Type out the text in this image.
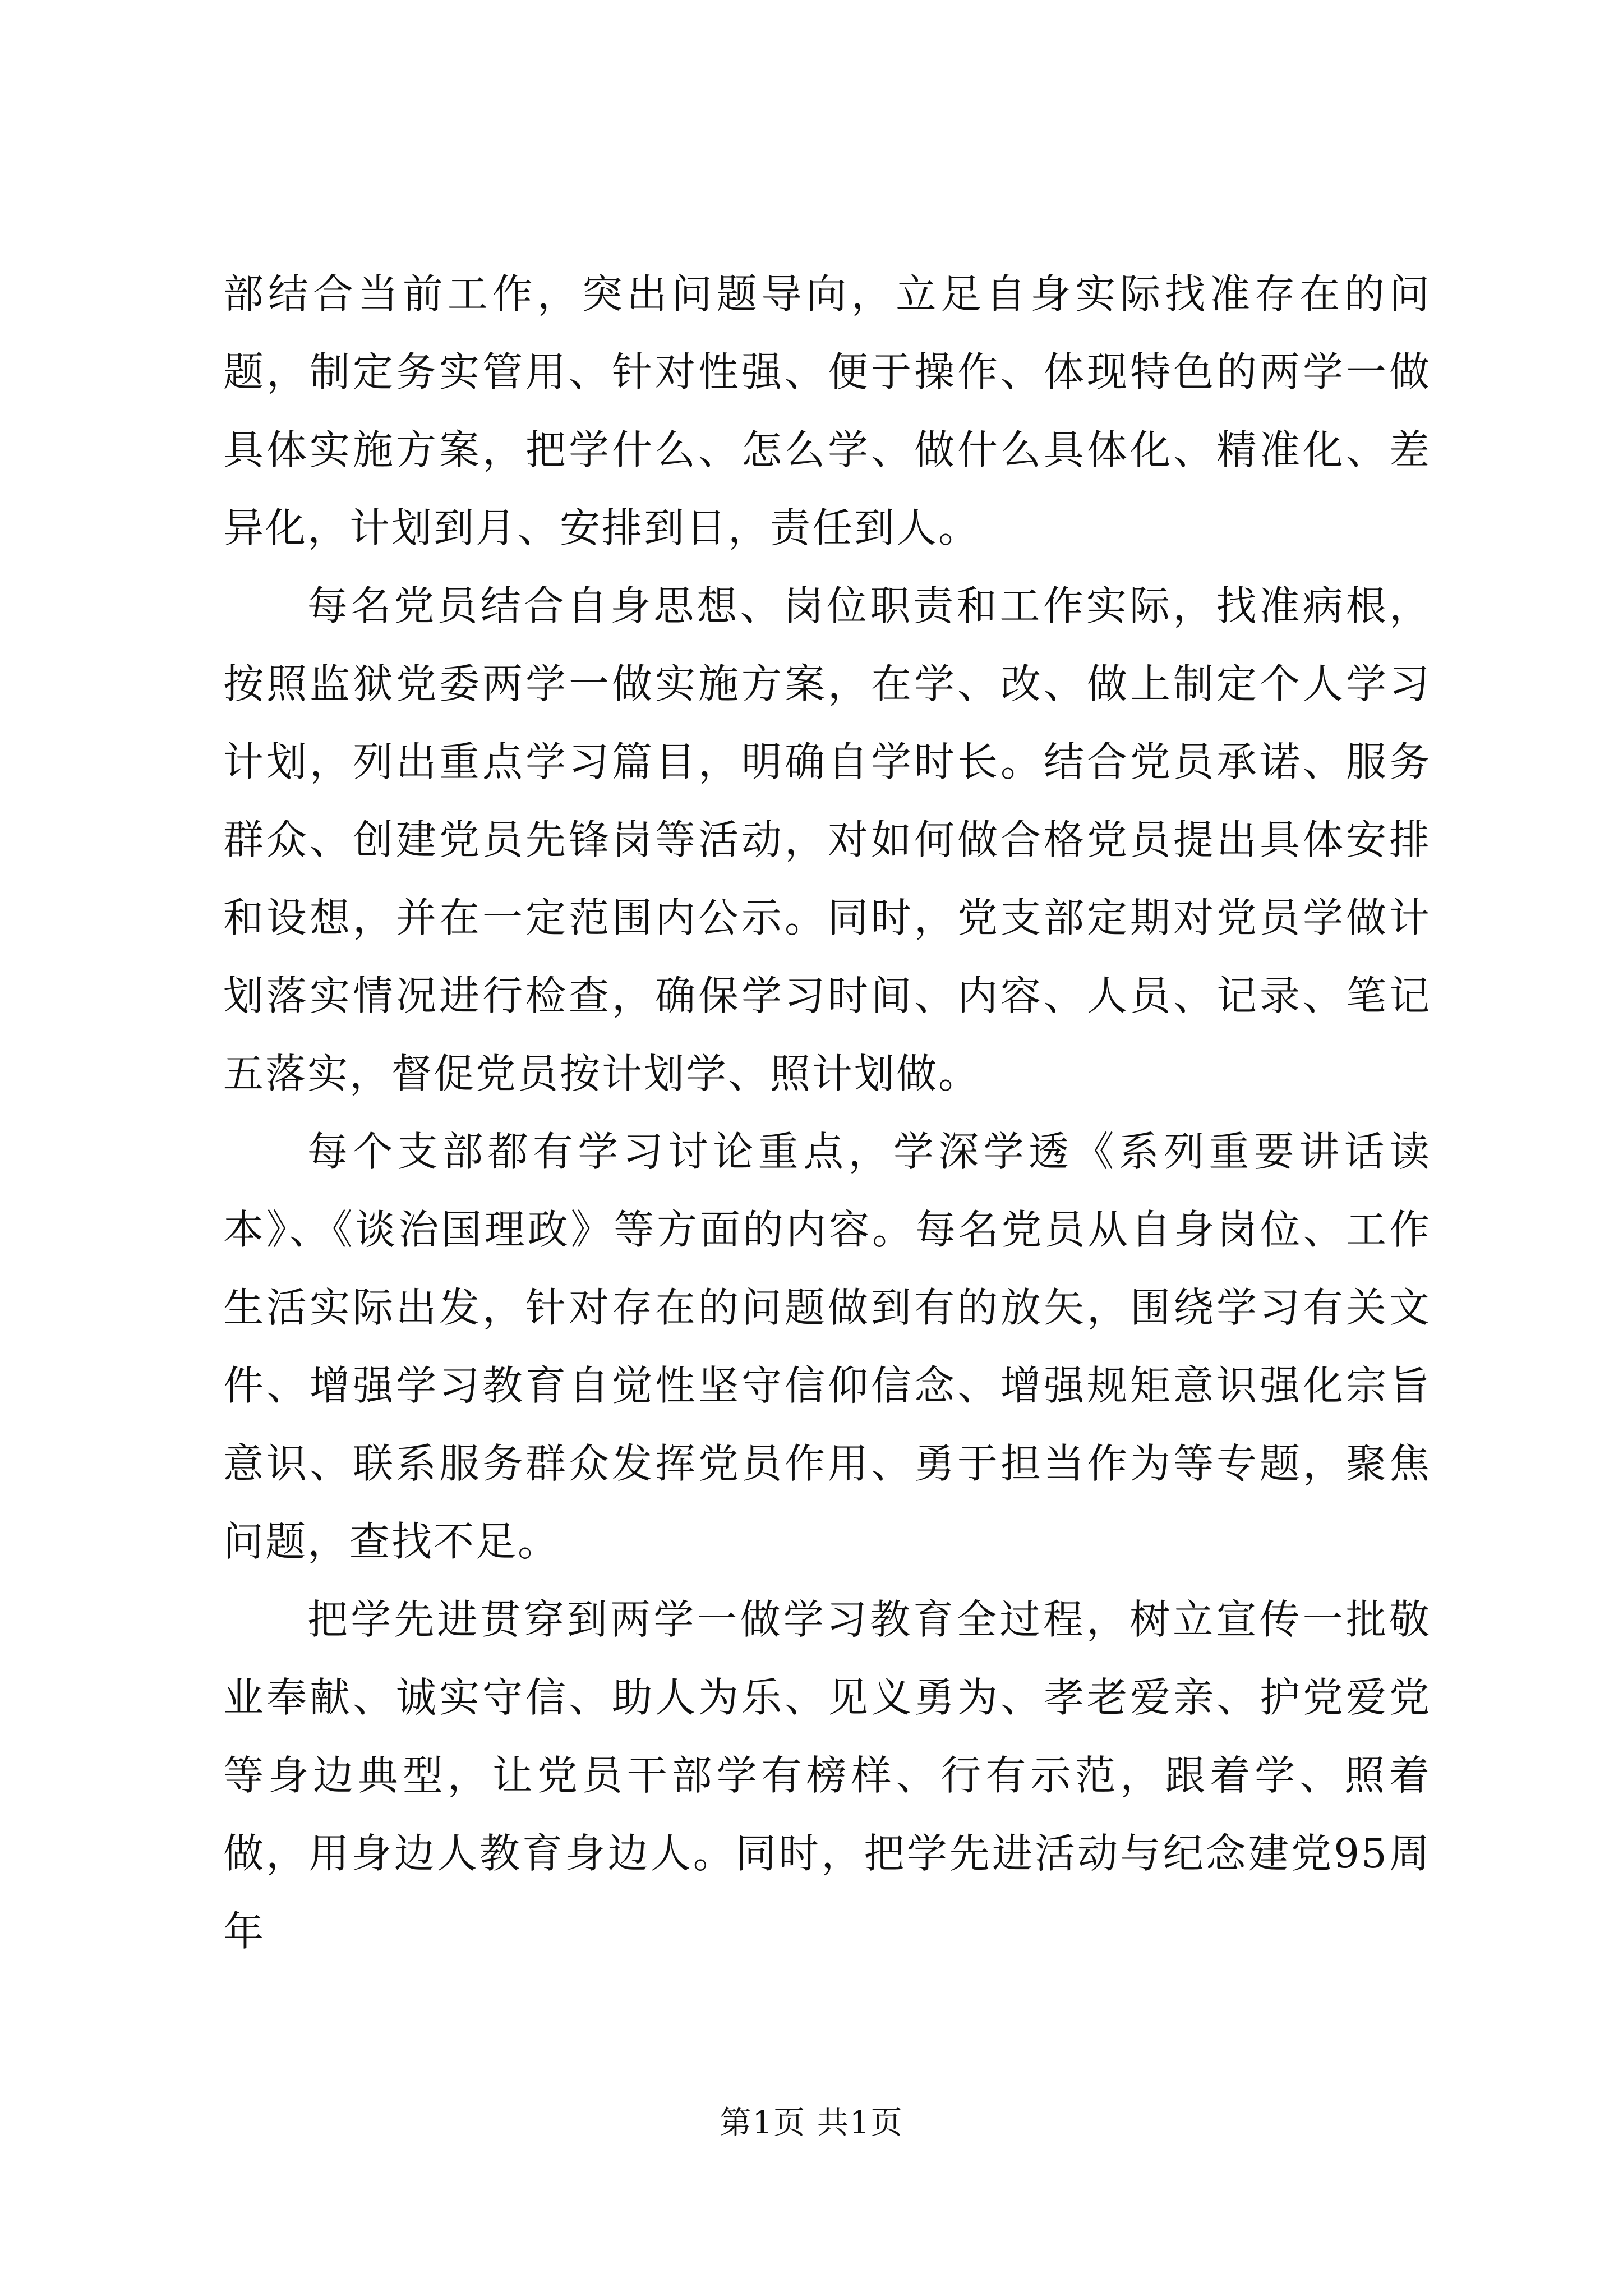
部结合当前工作，突出问题导向，立足自身实际找准存在的问题，制定务实管用、针对性强、便于操作、体现特色的两学一做具体实施方案，把学什么、怎么学、做什么具体化、精准化、差异化，计划到月、安排到日，责任到人。

每名党员结合自身思想、岗位职责和工作实际，找准病根，按照监狱党委两学一做实施方案，在学、改、做上制定个人学习计划，列出重点学习篇目，明确自学时长。结合党员承诺、服务群众、创建党员先锋岗等活动，对如何做合格党员提出具体安排和设想，并在一定范围内公示。同时，党支部定期对党员学做计划落实情况进行检查，确保学习时间、内容、人员、记录、笔记五落实，督促党员按计划学、照计划做。

每个支部都有学习讨论重点，学深学透《系列重要讲话读本》、《谈治国理政》等方面的内容。每名党员从自身岗位、工作生活实际出发，针对存在的问题做到有的放矢，围绕学习有关文件、增强学习教育自觉性坚守信仰信念、增强规矩意识强化宗旨意识、联系服务群众发挥党员作用、勇于担当作为等专题，聚焦问题，查找不足。

把学先进贯穿到两学一做学习教育全过程，树立宣传一批敬业奉献、诚实守信、助人为乐、见义勇为、孝老爱亲、护党爱党等身边典型，让党员干部学有榜样、行有示范，跟着学、照着做，用身边人教育身边人。同时，把学先进活动与纪念建党95周年

第1页 共1页
